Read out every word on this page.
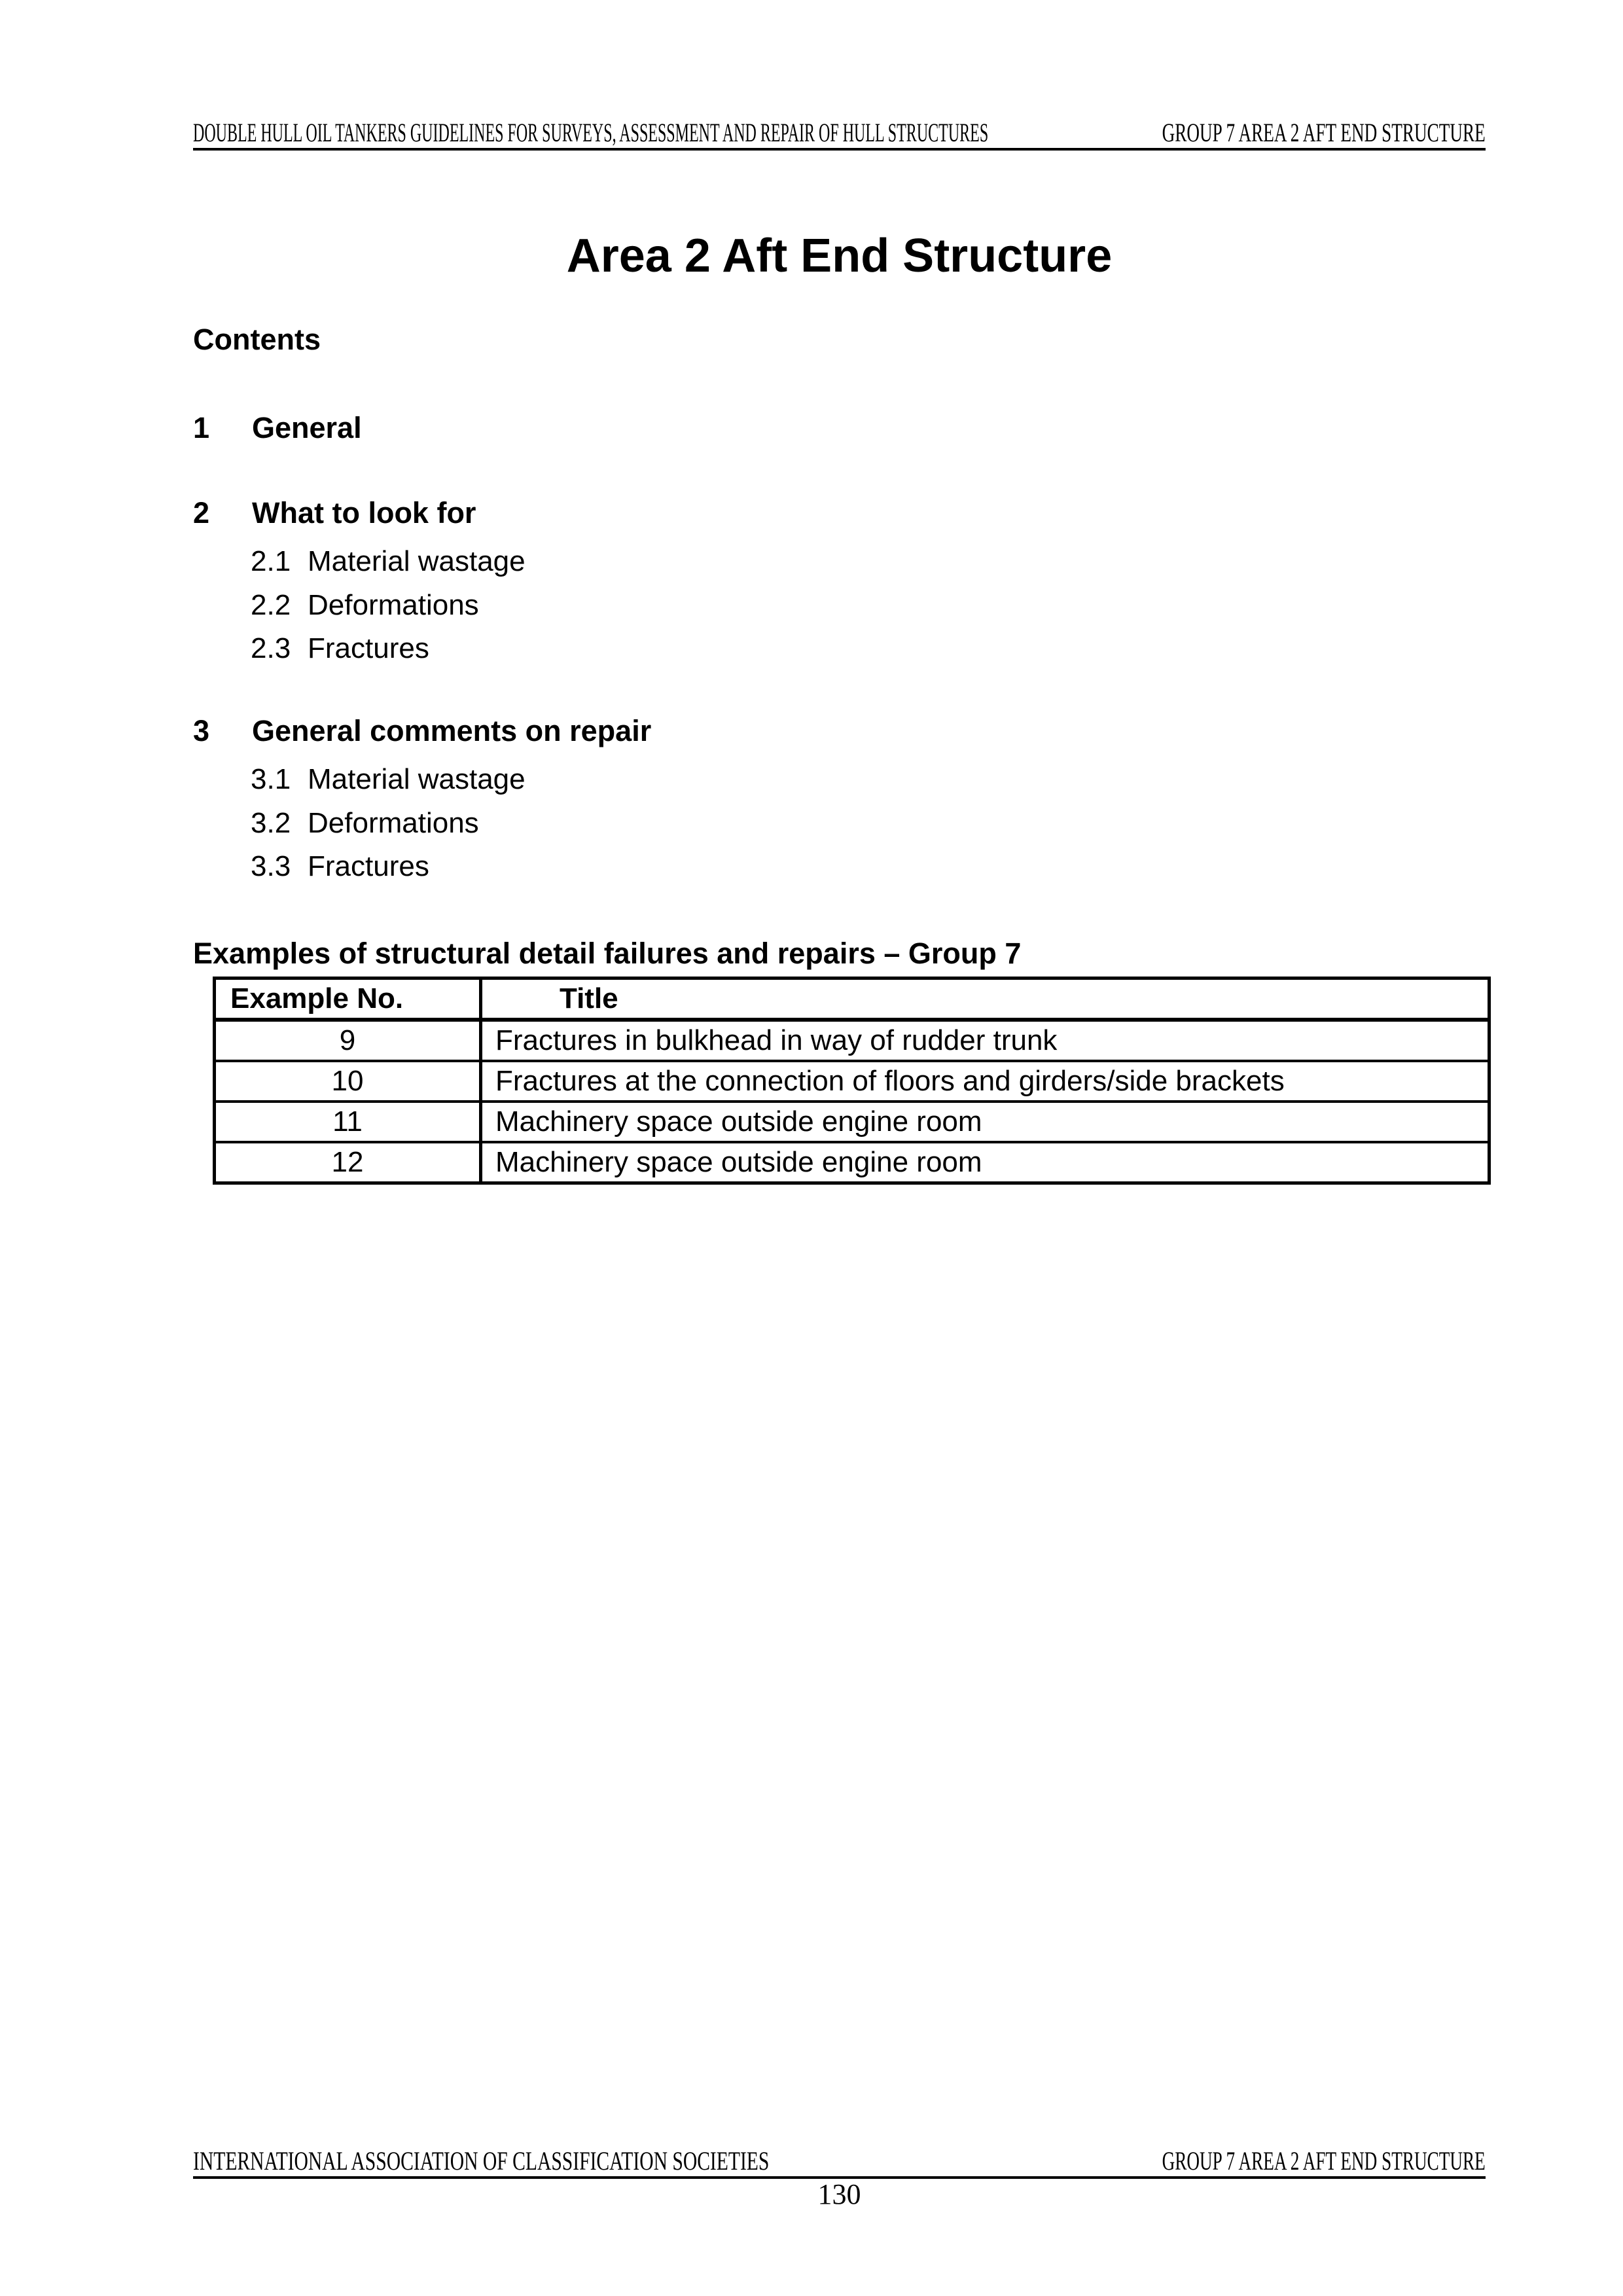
DOUBLE HULL OIL TANKERS GUIDELINES FOR SURVEYS, ASSESSMENT AND REPAIR OF HULL STRUCTURES	GROUP 7 AREA 2 AFT END STRUCTURE
Area 2 Aft End Structure
Contents
1	General
2	What to look for
2.1 Material wastage
2.2 Deformations
2.3 Fractures
3	General comments on repair
3.1 Material wastage
3.2 Deformations
3.3 Fractures
Examples of structural detail failures and repairs – Group 7
Example No.	Title
9	Fractures in bulkhead in way of rudder trunk
10	Fractures at the connection of floors and girders/side brackets
11	Machinery space outside engine room
12	Machinery space outside engine room
INTERNATIONAL ASSOCIATION OF CLASSIFICATION SOCIETIES	GROUP 7 AREA 2 AFT END STRUCTURE
130
